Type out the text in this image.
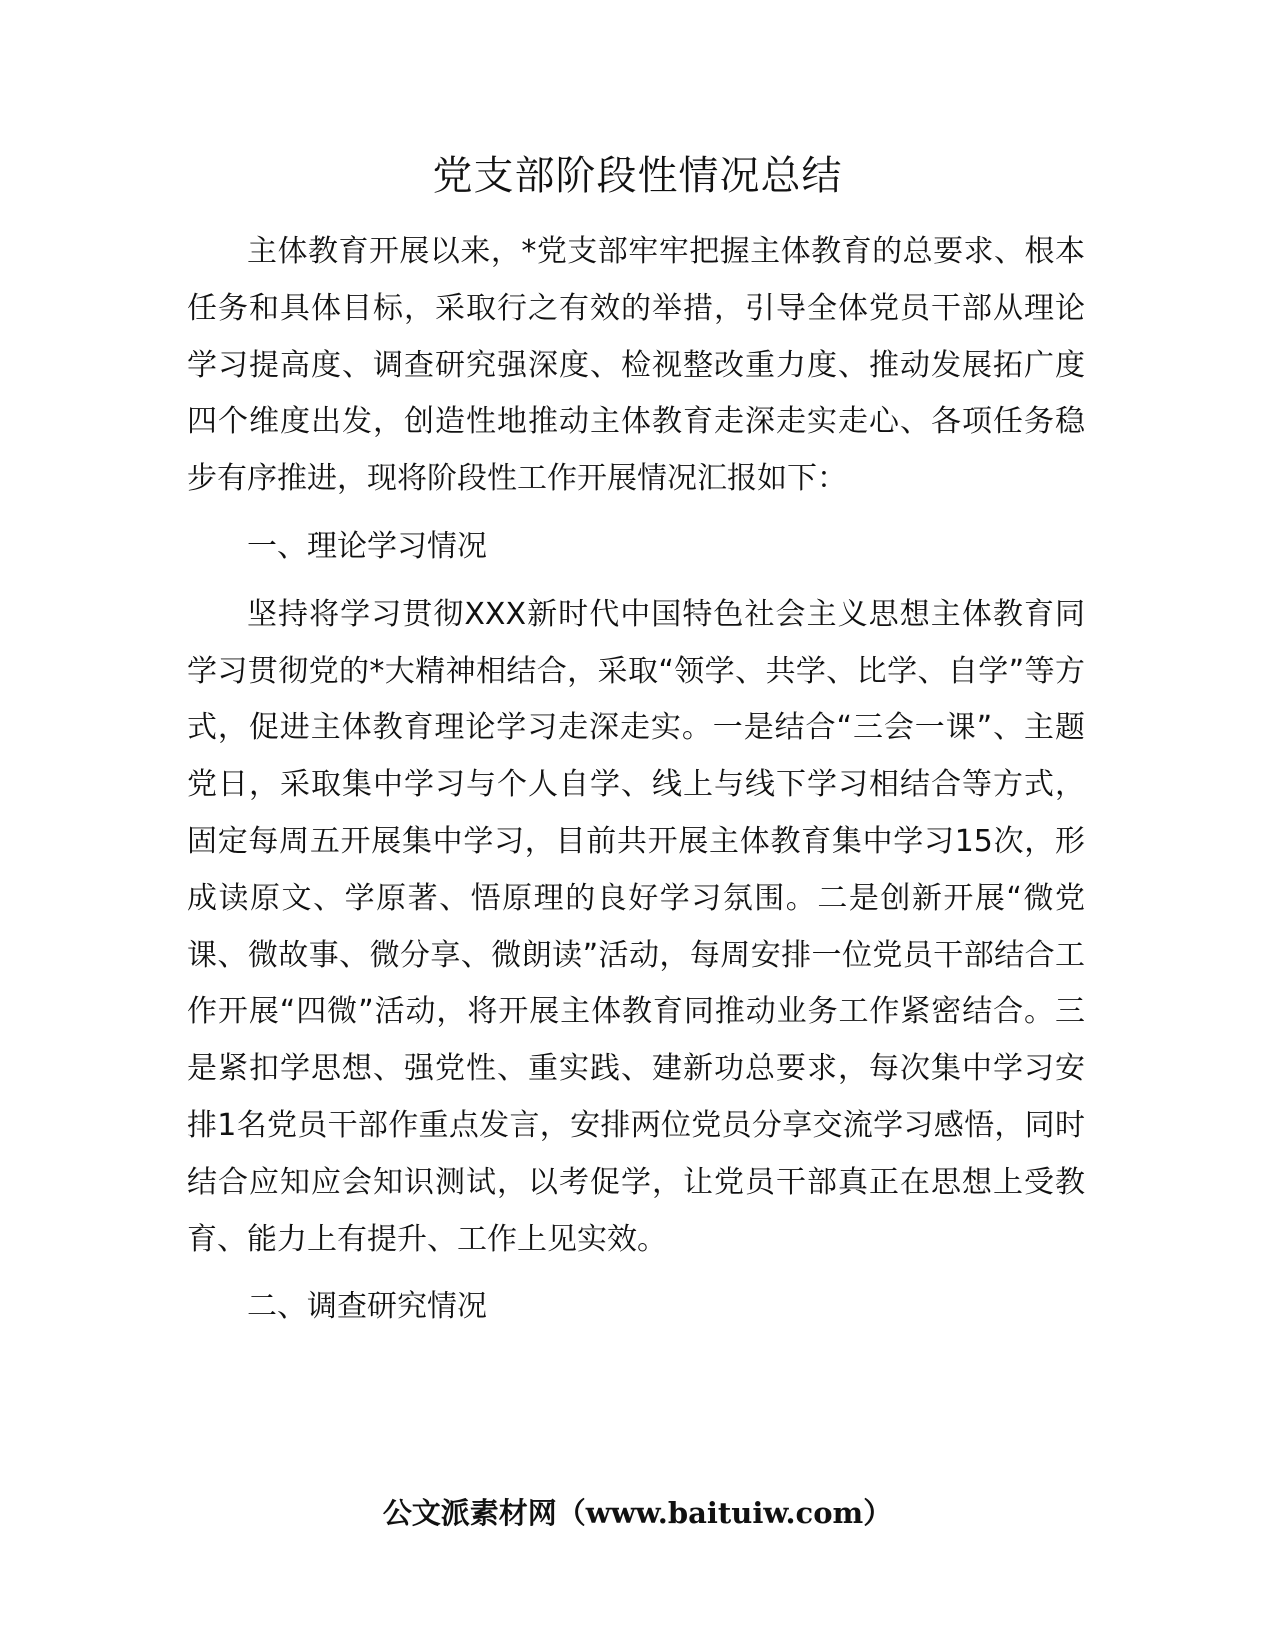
党支部阶段性情况总结

主体教育开展以来，*党支部牢牢把握主体教育的总要求、根本任务和具体目标，采取行之有效的举措，引导全体党员干部从理论学习提高度、调查研究强深度、检视整改重力度、推动发展拓广度四个维度出发，创造性地推动主体教育走深走实走心、各项任务稳步有序推进，现将阶段性工作开展情况汇报如下：

一、理论学习情况

坚持将学习贯彻XXX新时代中国特色社会主义思想主体教育同学习贯彻党的*大精神相结合，采取“领学、共学、比学、自学”等方式，促进主体教育理论学习走深走实。一是结合“三会一课”、主题党日，采取集中学习与个人自学、线上与线下学习相结合等方式，固定每周五开展集中学习，目前共开展主体教育集中学习15次，形成读原文、学原著、悟原理的良好学习氛围。二是创新开展“微党课、微故事、微分享、微朗读”活动，每周安排一位党员干部结合工作开展“四微”活动，将开展主体教育同推动业务工作紧密结合。三是紧扣学思想、强党性、重实践、建新功总要求，每次集中学习安排1名党员干部作重点发言，安排两位党员分享交流学习感悟，同时结合应知应会知识测试，以考促学，让党员干部真正在思想上受教育、能力上有提升、工作上见实效。

二、调查研究情况

公文派素材网（www.baituiw.com）
